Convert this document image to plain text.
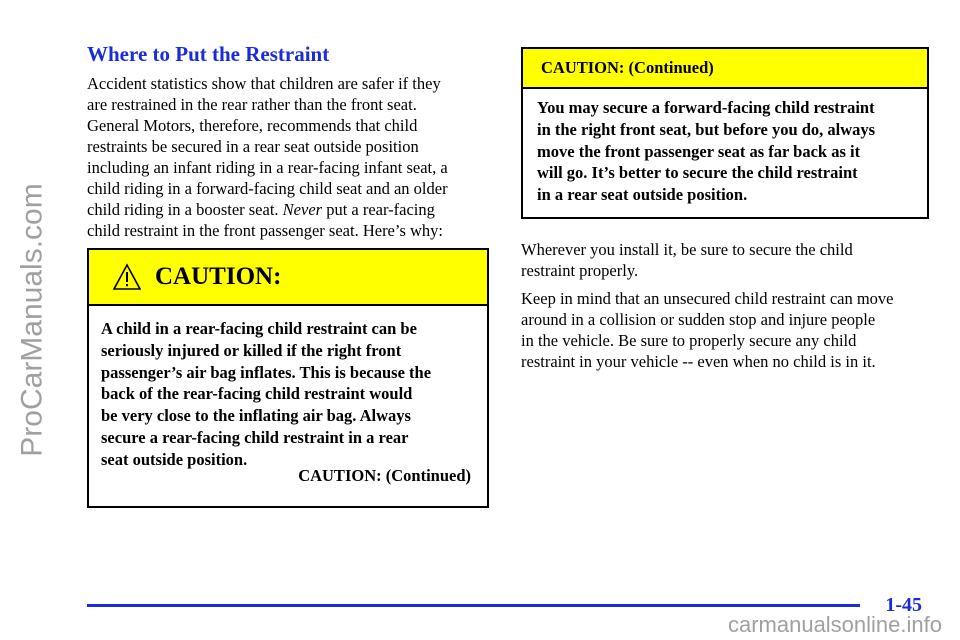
ProCarManuals.com
Where to Put the Restraint
Accident statistics show that children are safer if they
are restrained in the rear rather than the front seat.
General Motors, therefore, recommends that child
restraints be secured in a rear seat outside position
including an infant riding in a rear-facing infant seat, a
child riding in a forward-facing child seat and an older
child riding in a booster seat. Never put a rear-facing
child restraint in the front passenger seat. Here’s why:
CAUTION:
A child in a rear-facing child restraint can be
seriously injured or killed if the right front
passenger’s air bag inflates. This is because the
back of the rear-facing child restraint would
be very close to the inflating air bag. Always
secure a rear-facing child restraint in a rear
seat outside position.
CAUTION: (Continued)
CAUTION: (Continued)
You may secure a forward-facing child restraint
in the right front seat, but before you do, always
move the front passenger seat as far back as it
will go. It’s better to secure the child restraint
in a rear seat outside position.
Wherever you install it, be sure to secure the child
restraint properly.
Keep in mind that an unsecured child restraint can move
around in a collision or sudden stop and injure people
in the vehicle. Be sure to properly secure any child
restraint in your vehicle -- even when no child is in it.
1-45
carmanualsonline.info
